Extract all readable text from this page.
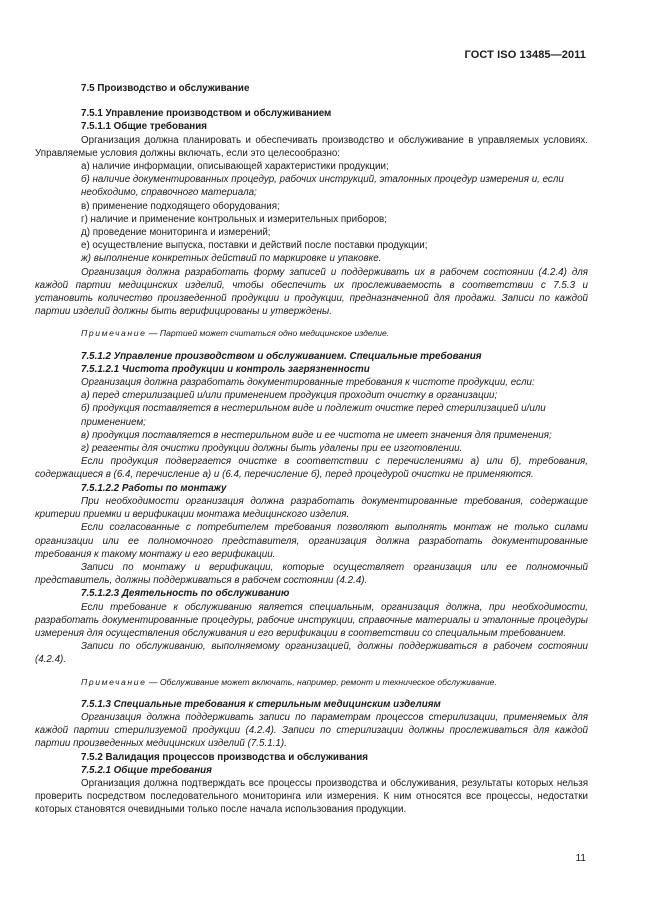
ГОСТ ISO 13485—2011
7.5 Производство и обслуживание
7.5.1 Управление производством и обслуживанием
7.5.1.1 Общие требования
Организация должна планировать и обеспечивать производство и обслуживание в управляемых условиях. Управляемые условия должны включать, если это целесообразно:
а) наличие информации, описывающей характеристики продукции;
б) наличие документированных процедур, рабочих инструкций, эталонных процедур измерения и, если необходимо, справочного материала;
в) применение подходящего оборудования;
г) наличие и применение контрольных и измерительных приборов;
д) проведение мониторинга и измерений;
е) осуществление выпуска, поставки и действий после поставки продукции;
ж) выполнение конкретных действий по маркировке и упаковке.
Организация должна разработать форму записей и поддерживать их в рабочем состоянии (4.2.4) для каждой партии медицинских изделий, чтобы обеспечить их прослеживаемость в соответствии с 7.5.3 и установить количество произведенной продукции и продукции, предназначенной для продажи. Записи по каждой партии изделий должны быть верифицированы и утверждены.
Примечание — Партией может считаться одно медицинское изделие.
7.5.1.2 Управление производством и обслуживанием. Специальные требования
7.5.1.2.1 Чистота продукции и контроль загрязненности
Организация должна разработать документированные требования к чистоте продукции, если:
а) перед стерилизацией и/или применением продукция проходит очистку в организации;
б) продукция поставляется в нестерильном виде и подлежит очистке перед стерилизацией и/или применением;
в) продукция поставляется в нестерильном виде и ее чистота не имеет значения для применения;
г) реагенты для очистки продукции должны быть удалены при ее изготовлении.
Если продукция подвергается очистке в соответствии с перечислениями а) или б), требования, содержащиеся в (6.4, перечисление а) и (6.4, перечисление б), перед процедурой очистки не применяются.
7.5.1.2.2 Работы по монтажу
При необходимости организация должна разработать документированные требования, содержащие критерии приемки и верификации монтажа медицинского изделия.
Если согласованные с потребителем требования позволяют выполнять монтаж не только силами организации или ее полномочного представителя, организация должна разработать документированные требования к такому монтажу и его верификации.
Записи по монтажу и верификации, которые осуществляет организация или ее полномочный представитель, должны поддерживаться в рабочем состоянии (4.2.4).
7.5.1.2.3 Деятельность по обслуживанию
Если требование к обслуживанию является специальным, организация должна, при необходимости, разработать документированные процедуры, рабочие инструкции, справочные материалы и эталонные процедуры измерения для осуществления обслуживания и его верификации в соответствии со специальным требованием.
Записи по обслуживанию, выполняемому организацией, должны поддерживаться в рабочем состоянии (4.2.4).
Примечание — Обслуживание может включать, например, ремонт и техническое обслуживание.
7.5.1.3 Специальные требования к стерильным медицинским изделиям
Организация должна поддерживать записи по параметрам процессов стерилизации, применяемых для каждой партии стерилизуемой продукции (4.2.4). Записи по стерилизации должны прослеживаться для каждой партии произведенных медицинских изделий (7.5.1.1).
7.5.2 Валидация процессов производства и обслуживания
7.5.2.1 Общие требования
Организация должна подтверждать все процессы производства и обслуживания, результаты которых нельзя проверить посредством последовательного мониторинга или измерения. К ним относятся все процессы, недостатки которых становятся очевидными только после начала использования продукции.
11
